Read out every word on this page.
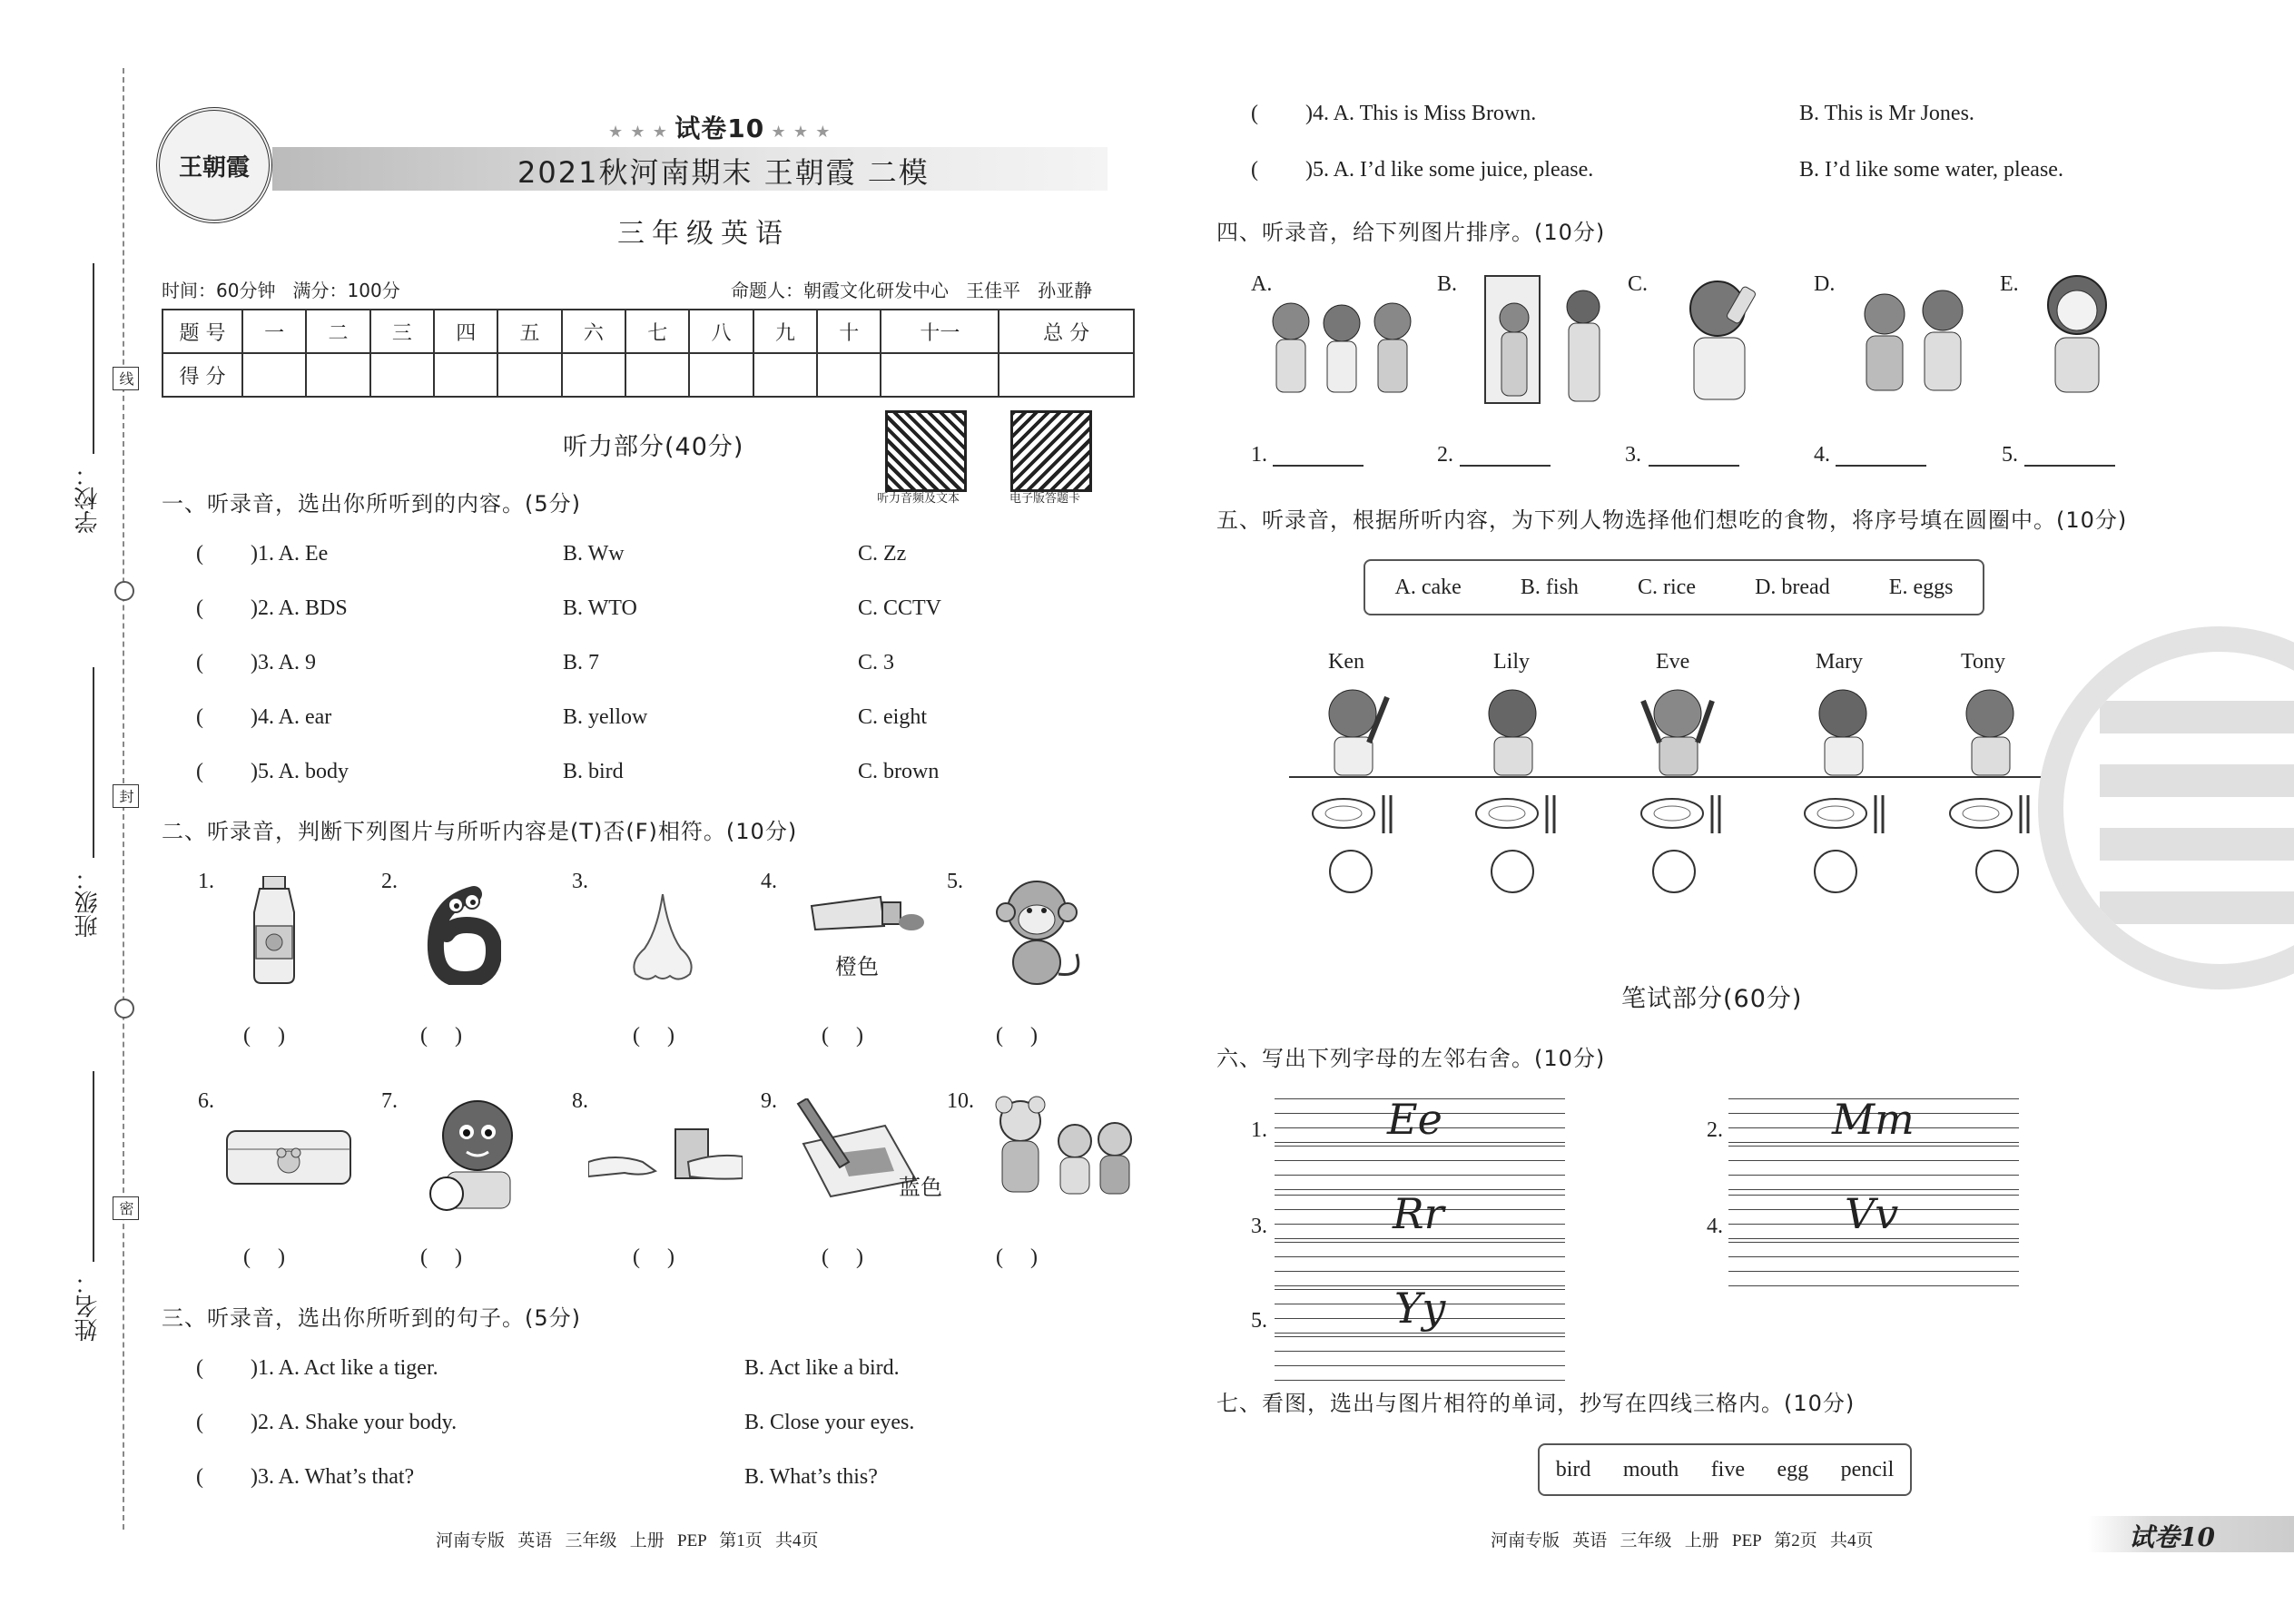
学校：
班级：
姓名：
线
封
密
王朝霞
★ ★ ★ 试卷10 ★ ★ ★
2021秋河南期末 王朝霞 二模
三年级英语
时间：60分钟   满分：100分	命题人：朝霞文化研发中心   王佳平   孙亚静
题 号	一	二	三	四	五	六	七	八	九	十	十一	总 分
得 分												
听力部分(40分)
听力音频及文本	电子版答题卡
一、听录音，选出你所听到的内容。(5分)
( )1. A. Ee	B. Ww	C. Zz
( )2. A. BDS	B. WTO	C. CCTV
( )3. A. 9	B. 7	C. 3
( )4. A. ear	B. yellow	C. eight
( )5. A. body	B. bird	C. brown
二、听录音，判断下列图片与所听内容是(T)否(F)相符。(10分)
1.
(     )
2.
(     )
3.
(     )
4.
橙色
(     )
5.
(     )
6.
(     )
7.
(     )
8.
(     )
9.
蓝色
(     )
10.
(     )
三、听录音，选出你所听到的句子。(5分)
( )1. A. Act like a tiger.	B. Act like a bird.
( )2. A. Shake your body.	B. Close your eyes.
( )3. A. What’s that?	B. What’s this?
河南专版   英语   三年级   上册   PEP   第1页   共4页
( )4. A. This is Miss Brown.	B. This is Mr Jones.
( )5. A. I’d like some juice, please.	B. I’d like some water, please.
四、听录音，给下列图片排序。(10分)
A.	B.	C.	D.	E.
1.	2.	3.	4.	5.
五、听录音，根据所听内容，为下列人物选择他们想吃的食物，将序号填在圆圈中。(10分)
A. cake	B. fish	C. rice	D. bread	E. eggs
Ken	Lily	Eve	Mary	Tony
笔试部分(60分)
六、写出下列字母的左邻右舍。(10分)
1.	Ee	2.	Mm
3.	Rr	4.	Vv
5.	Yy
七、看图，选出与图片相符的单词，抄写在四线三格内。(10分)
bird mouth five egg pencil
河南专版   英语   三年级   上册   PEP   第2页   共4页	试卷10
